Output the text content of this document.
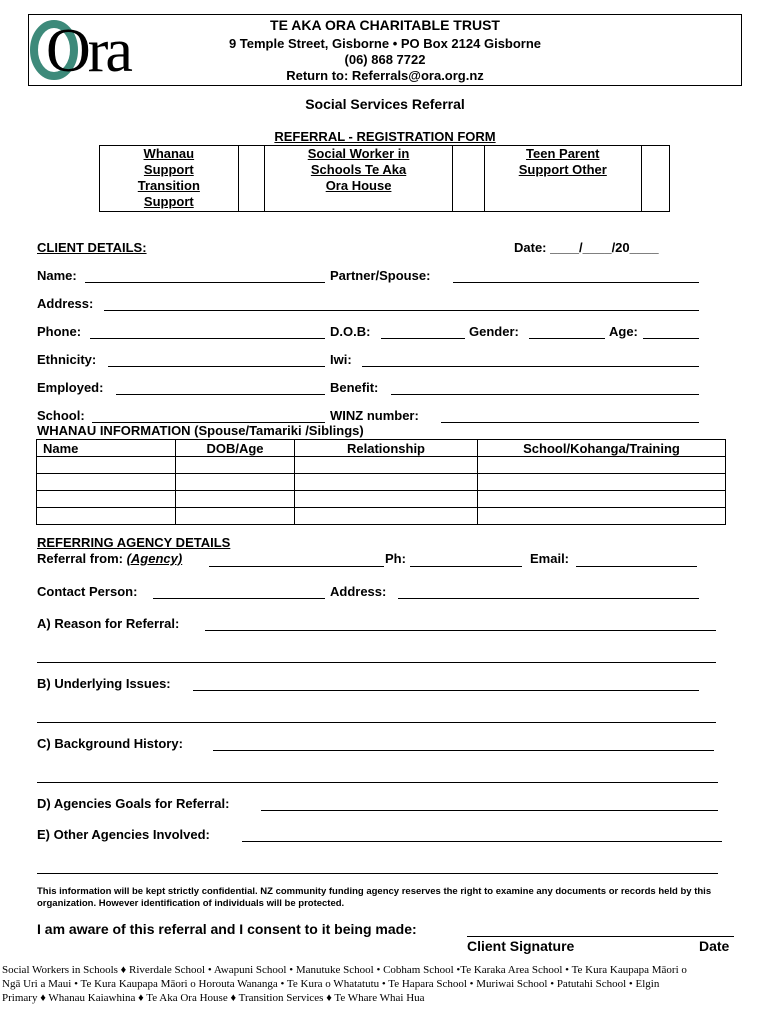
Ora	TE AKA ORA CHARITABLE TRUST
9 Temple Street, Gisborne • PO Box 2124 Gisborne
(06) 868 7722
Return to: Referrals@ora.org.nz
Social Services Referral
REFERRAL - REGISTRATION FORM
Whanau Support Transition Support

Social Worker in Schools Te Aka Ora House

Teen Parent Support Other

CLIENT DETAILS:	Date: ____/____/20____
Name:	Partner/Spouse:
Address:
Phone:	D.O.B:	Gender:	Age:
Ethnicity:	Iwi:
Employed:	Benefit:
School:	WINZ number:
WHANAU INFORMATION (Spouse/Tamariki /Siblings)
Name	DOB/Age	Relationship	School/Kohanga/Training

REFERRING AGENCY DETAILS
Referral from: (Agency)	Ph:	Email:
Contact Person:	Address:
A) Reason for Referral:
B) Underlying Issues:
C) Background History:
D) Agencies Goals for Referral:
E) Other Agencies Involved:
This information will be kept strictly confidential. NZ community funding agency reserves the right to examine any documents or records held by this organization. However identification of individuals will be protected.
I am aware of this referral and I consent to it being made:
Client Signature	Date
Social Workers in Schools ♦ Riverdale School • Awapuni School • Manutuke School • Cobham School •Te Karaka Area School • Te Kura Kaupapa Māori o
Ngā Uri a Maui • Te Kura Kaupapa Māori o Horouta Wananga • Te Kura o Whatatutu • Te Hapara School • Muriwai School • Patutahi School • Elgin
Primary ♦ Whanau Kaiawhina ♦ Te Aka Ora House ♦ Transition Services ♦ Te Whare Whai Hua
